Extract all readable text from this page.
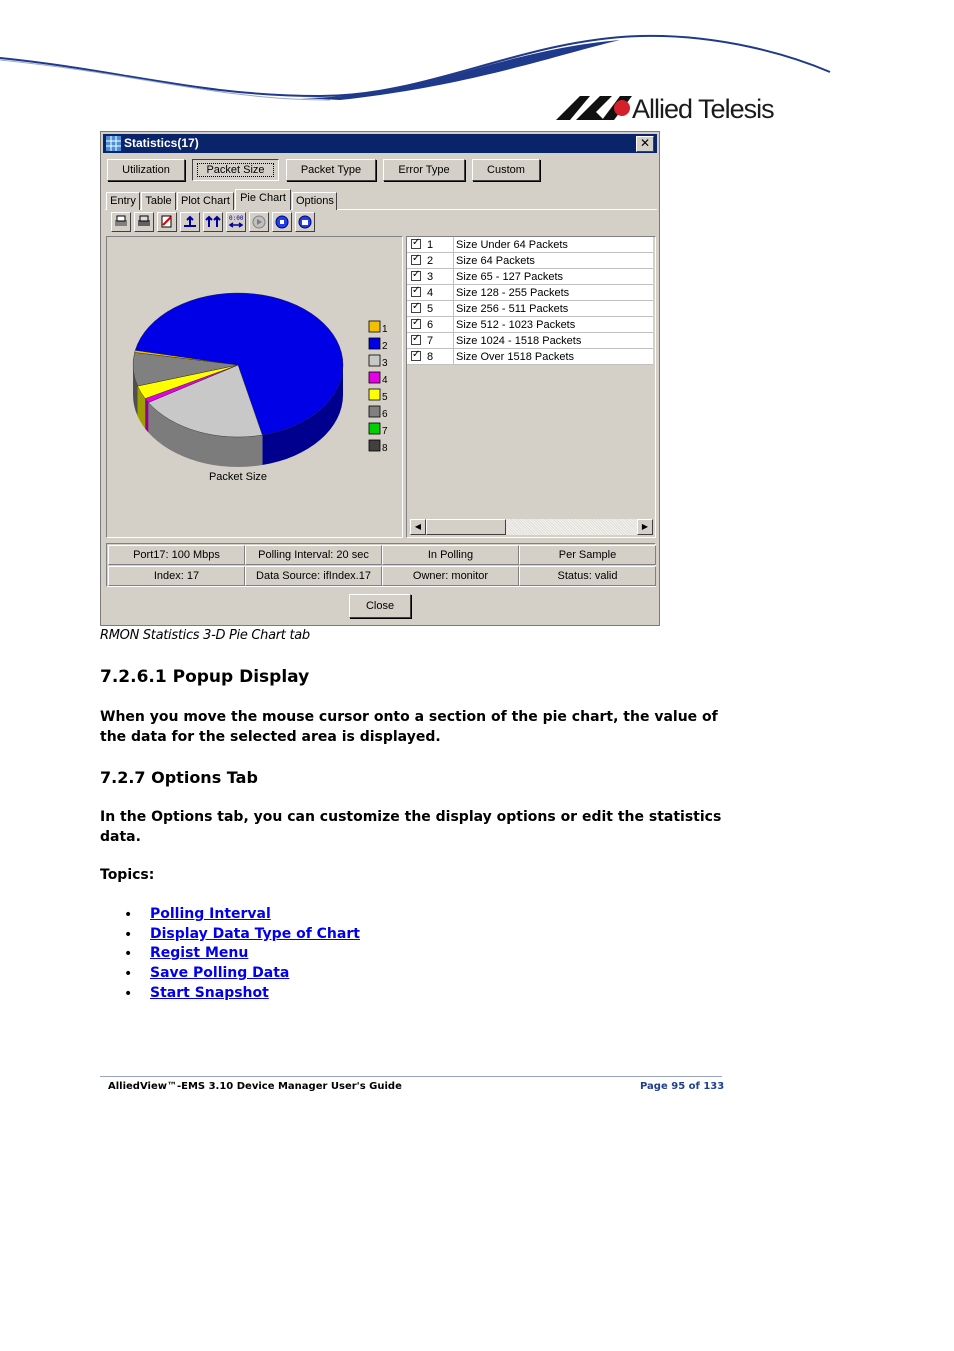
Allied Telesis
Statistics(17)	✕
Utilization	Packet Size	Packet Type	Error Type	Custom
Entry Table Plot Chart Pie Chart Options
0:00
Packet Size
1
2
3
4
5
6
7
8
✓
1 Size Under 64 Packets
✓
2 Size 64 Packets
✓
3 Size 65 - 127 Packets
✓
4 Size 128 - 255 Packets
✓
5 Size 256 - 511 Packets
✓
6 Size 512 - 1023 Packets
✓
7 Size 1024 - 1518 Packets
✓
8 Size Over 1518 Packets
◀	▶
Port17: 100 Mbps	Polling Interval: 20 sec	In Polling	Per Sample
Index: 17	Data Source: ifIndex.17	Owner: monitor	Status: valid
Close
RMON Statistics 3-D Pie Chart tab
7.2.6.1 Popup Display
When you move the mouse cursor onto a section of the pie chart, the value of the data for the selected area is displayed.
7.2.7 Options Tab
In the Options tab, you can customize the display options or edit the statistics data.
Topics:
• Polling Interval
• Display Data Type of Chart
• Regist Menu
• Save Polling Data
• Start Snapshot
AlliedView™-EMS 3.10 Device Manager User's Guide	Page 95 of 133
